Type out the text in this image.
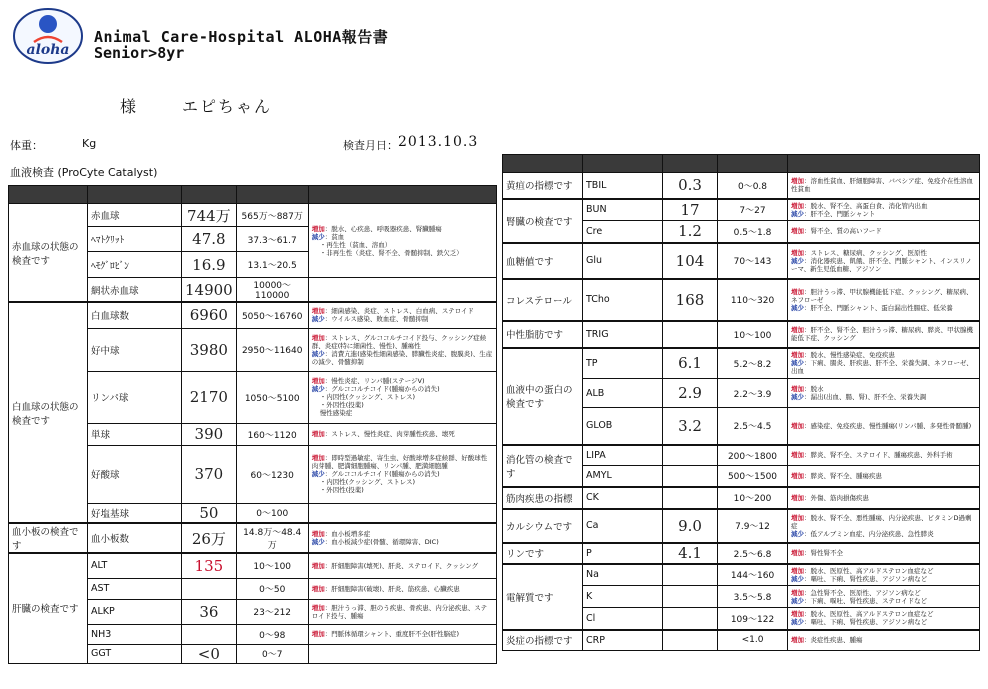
aloha
Animal Care-Hospital ALOHA報告書
Senior>8yr
様	エピちゃん
体重：	Kg	検査月日： 2013.10.3
血液検査 (ProCyte Catalyst)

赤血球の状態の検査です	赤血球	744万	565万～887万	増加：脱水、心疾患、呼吸器疾患、腎臓腫瘍
減少：貧血
・再生性（貧血、溶血）
・非再生性（炎症、腎不全、骨髄抑制、鉄欠乏）

	ﾍﾏﾄｸﾘｯﾄ	47.8	37.3～61.7	
	ﾍﾓｸﾞﾛﾋﾞﾝ	16.9	13.1～20.5	
	網状赤血球	14900	10000～110000	
白血球の状態の検査です	白血球数	6960	5050～16760	増加：細菌感染、炎症、ストレス、白血病、ステロイド
減少：ウイルス感染、敗血症、骨髄抑制

	好中球	3980	2950～11640	増加：ストレス、グルココルチコイド投与、クッシング症候群、炎症(特に細菌性、慢性)、腫瘍性
減少：消費亢進(感染性細菌感染、膵臓性炎症、腹膜炎)、生産の減少、骨髄抑制

	リンパ球	2170	1050～5100	増加：慢性炎症、リンパ腫(ステージV)
減少：グルココルチコイド(腫瘍からの消失)
・内因性(クッシング、ストレス)
・外因性(投薬)
慢性感染症

	単球	390	160～1120	増加：ストレス、慢性炎症、肉芽腫性疾患、壊死

	好酸球	370	60～1230	増加：即時型過敏症、寄生虫、好酸球増多症候群、好酸球性肉芽腫、肥満細胞腫瘍、リンパ腫、肥満細胞腫
減少：グルココルチコイド(腫瘍からの消失)
・内因性(クッシング、ストレス)
・外因性(投薬)

	好塩基球	50	0～100	
血小板の検査です	血小板数	26万	14.8万～48.4万	増加：血小板増多症
減少：血小板減少症(骨髄、循環障害、DIC)

肝臓の検査です	ALT	135	10～100	増加：肝細胞障害(壊死)、肝炎、ステロイド、クッシング

	AST		0～50	増加：肝細胞障害(破壊)、肝炎、筋疾患、心臓疾患

	ALKP	36	23～212	増加：胆汁うっ滞、胆のう疾患、骨疾患、内分泌疾患、ステロイド投与、腫瘍

	NH3		0～98	増加：門脈体循環シャント、重度肝不全(肝性脳症)

	GGT	<0	0～7	

黄疸の指標です	TBIL	0.3	0～0.8	増加：溶血性貧血、肝細胞障害、バベシア症、免疫介在性溶血性貧血

腎臓の検査です	BUN	17	7～27	増加：脱水、腎不全、高蛋白食、消化管内出血
減少：肝不全、門脈シャント

	Cre	1.2	0.5～1.8	増加：腎不全、質の高いフード

血糖値です	Glu	104	70～143	増加：ストレス、糖尿病、クッシング、医原性
減少：消化器疾患、飢餓、肝不全、門脈シャント、インスリノーマ、新生児低血糖、アジソン

コレステロール	TCho	168	110～320	増加：胆汁うっ滞、甲状腺機能低下症、クッシング、糖尿病、ネフローゼ
減少：肝不全、門脈シャント、蛋白漏出性腸症、低栄養

中性脂肪です	TRIG		10～100	増加：肝不全、腎不全、胆汁うっ滞、糖尿病、膵炎、甲状腺機能低下症、クッシング

血液中の蛋白の検査です	TP	6.1	5.2～8.2	増加：脱水、慢性感染症、免疫疾患
減少：下痢、腸炎、肝疾患、肝不全、栄養失調、ネフローゼ、出血

	ALB	2.9	2.2～3.9	増加：脱水
減少：漏出(出血、腸、腎)、肝不全、栄養失調

	GLOB	3.2	2.5～4.5	増加：感染症、免疫疾患、慢性腫瘍(リンパ腫、多発性骨髄腫)

消化管の検査です	LIPA		200～1800	増加：膵炎、腎不全、ステロイド、腫瘍疾患、外科手術

	AMYL		500～1500	増加：膵炎、腎不全、腫瘍疾患

筋肉疾患の指標	CK		10～200	増加：外傷、筋肉損傷疾患

カルシウムです	Ca	9.0	7.9～12	増加：脱水、腎不全、悪性腫瘍、内分泌疾患、ビタミンD過剰症
減少：低アルブミン血症、内分泌疾患、急性膵炎

リンです	P	4.1	2.5～6.8	増加：腎性腎不全

電解質です	Na		144～160	増加：脱水、医原性、高アルドステロン血症など
減少：嘔吐、下痢、腎性疾患、アジソン病など

	K		3.5～5.8	増加：急性腎不全、医原性、アジソン病など
減少：下痢、嘔吐、腎性疾患、ステロイドなど

	Cl		109～122	増加：脱水、医原性、高アルドステロン血症など
減少：嘔吐、下痢、腎性疾患、アジソン病など

炎症の指標です	CRP		<1.0	増加：炎症性疾患、腫瘍
